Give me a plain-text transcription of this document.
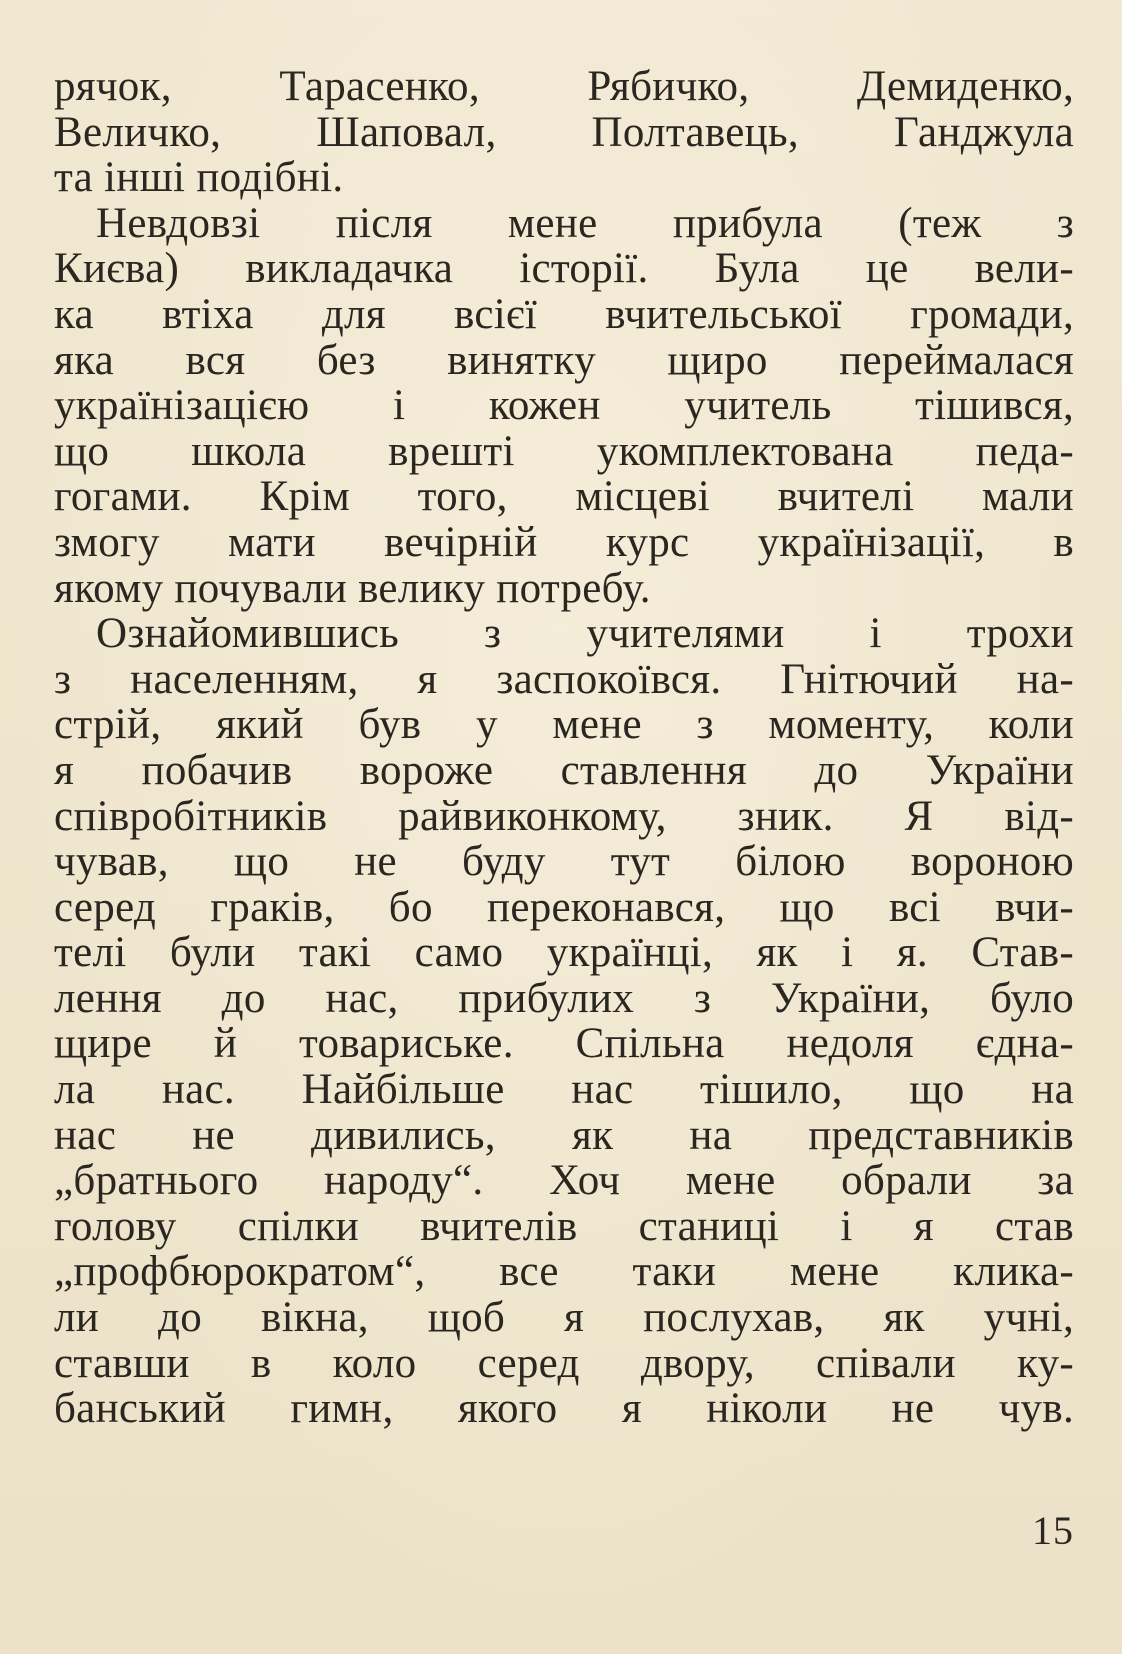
рячок, Тарасенко, Рябичко, Демиденко,
Величко, Шаповал, Полтавець, Ганджула
та інші подібні.
Невдовзі після мене прибула (теж з
Києва) викладачка історії. Була це вели-
ка втіха для всієї вчительської громади,
яка вся без винятку щиро переймалася
українізацією і кожен учитель тішився,
що школа врешті укомплектована педа-
гогами. Крім того, місцеві вчителі мали
змогу мати вечірній курс українізації, в
якому почували велику потребу.
Ознайомившись з учителями і трохи
з населенням, я заспокоївся. Гнітючий на-
стрій, який був у мене з моменту, коли
я побачив вороже ставлення до України
співробітників райвиконкому, зник. Я від-
чував, що не буду тут білою вороною
серед граків, бо переконався, що всі вчи-
телі були такі само українці, як і я. Став-
лення до нас, прибулих з України, було
щире й товариське. Спільна недоля єдна-
ла нас. Найбільше нас тішило, що на
нас не дивились, як на представників
„братнього народу“. Хоч мене обрали за
голову спілки вчителів станиці і я став
„профбюрократом“, все таки мене клика-
ли до вікна, щоб я послухав, як учні,
ставши в коло серед двору, співали ку-
банський гимн, якого я ніколи не чув.
15
